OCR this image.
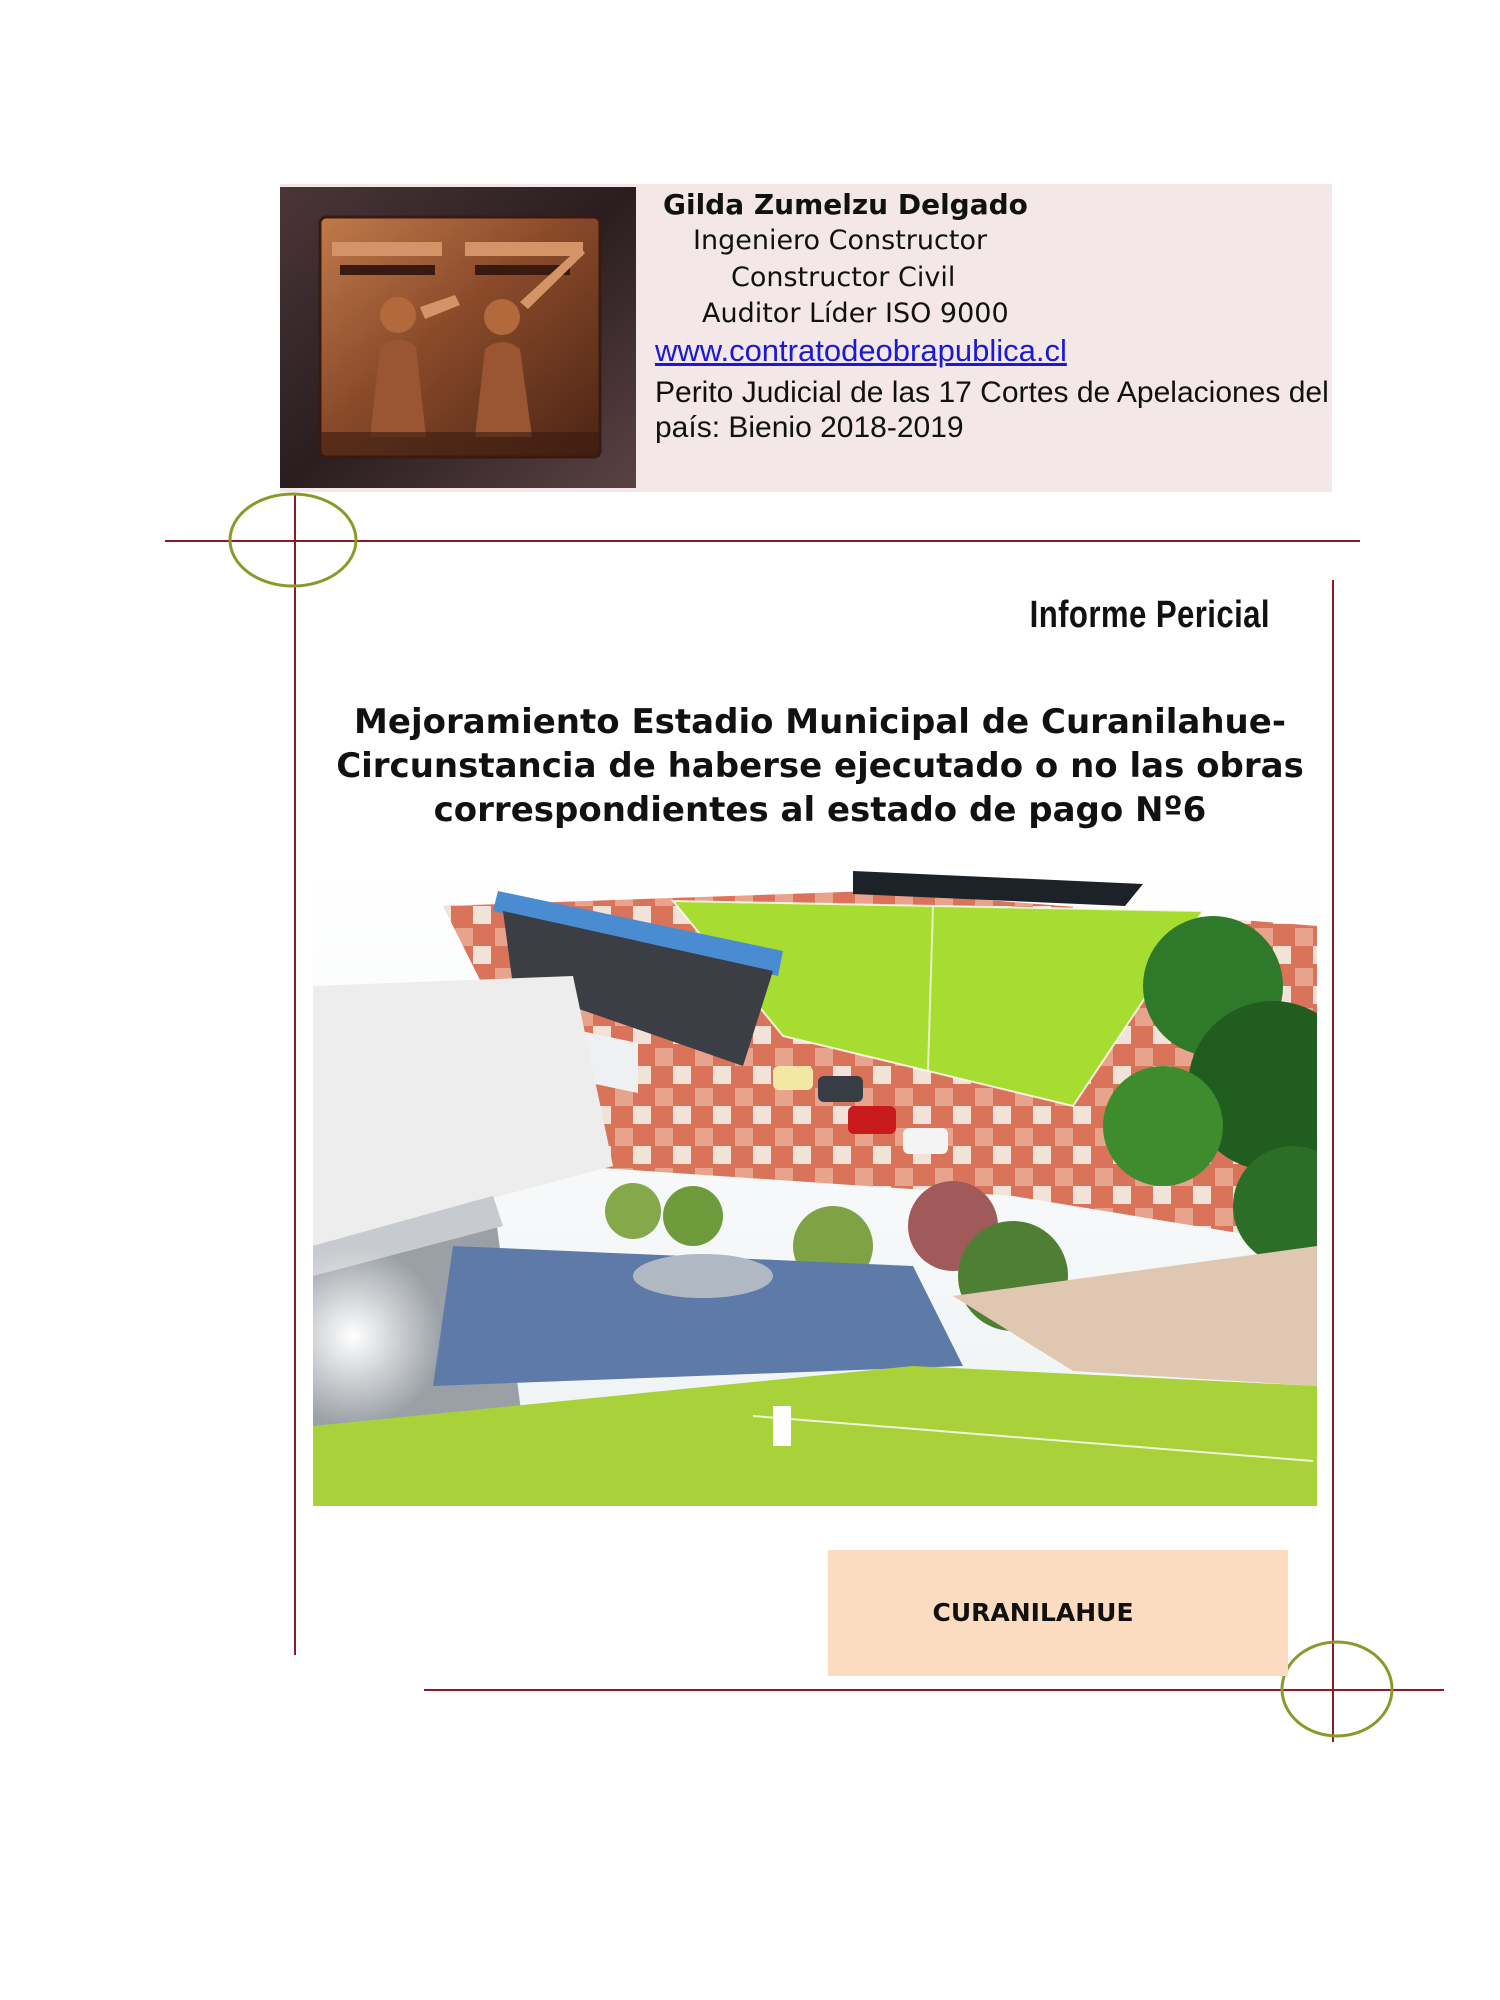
Gilda Zumelzu Delgado
Ingeniero Constructor
Constructor Civil
Auditor Líder ISO 9000
www.contratodeobrapublica.cl
Perito Judicial de las 17 Cortes de Apelaciones del país: Bienio 2018-2019
Informe Pericial
Mejoramiento Estadio Municipal de Curanilahue- Circunstancia de haberse ejecutado o no las obras correspondientes al estado de pago Nº6
CURANILAHUE
